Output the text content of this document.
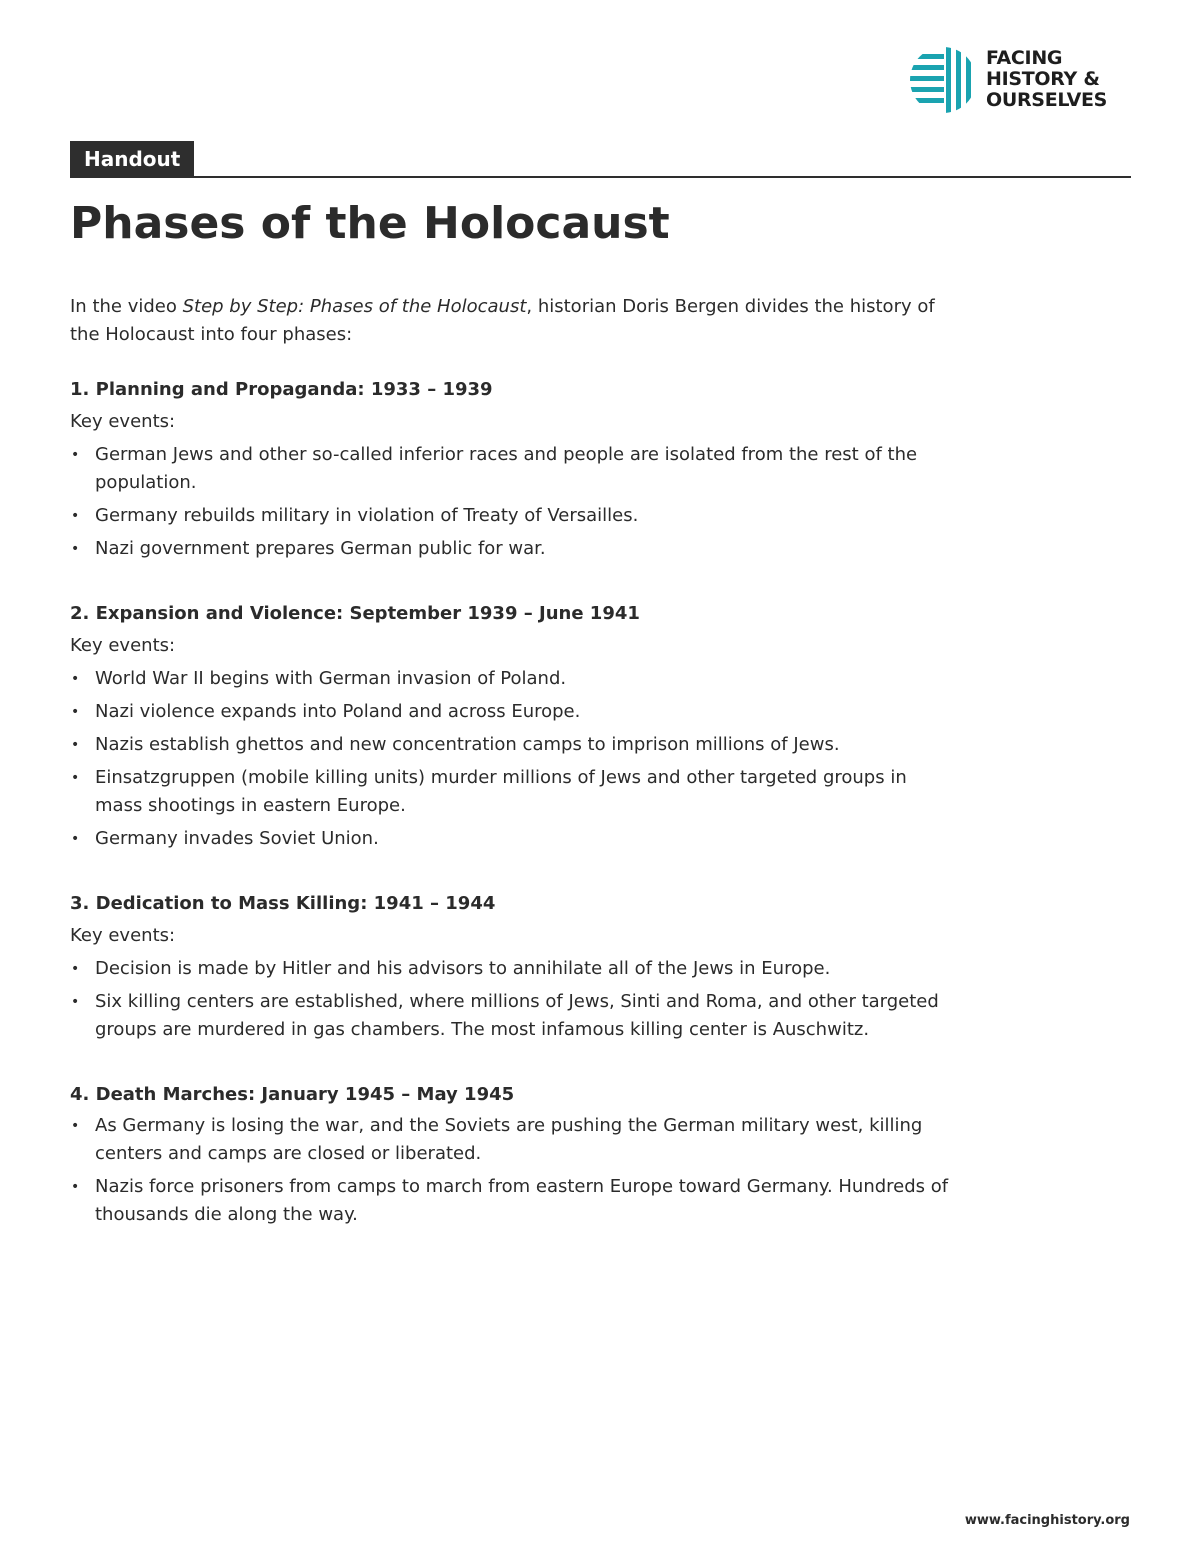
FACING
HISTORY &
OURSELVES
Handout
Phases of the Holocaust

In the video Step by Step: Phases of the Holocaust, historian Doris Bergen divides the history of the Holocaust into four phases:

1. Planning and Propaganda: 1933 – 1939
Key events:
• German Jews and other so-called inferior races and people are isolated from the rest of the population.
• Germany rebuilds military in violation of Treaty of Versailles.
• Nazi government prepares German public for war.
2. Expansion and Violence: September 1939 – June 1941
Key events:
• World War II begins with German invasion of Poland.
• Nazi violence expands into Poland and across Europe.
• Nazis establish ghettos and new concentration camps to imprison millions of Jews.
• Einsatzgruppen (mobile killing units) murder millions of Jews and other targeted groups in mass shootings in eastern Europe.
• Germany invades Soviet Union.
3. Dedication to Mass Killing: 1941 – 1944
Key events:
• Decision is made by Hitler and his advisors to annihilate all of the Jews in Europe.
• Six killing centers are established, where millions of Jews, Sinti and Roma, and other targeted groups are murdered in gas chambers. The most infamous killing center is Auschwitz.
4. Death Marches: January 1945 – May 1945
• As Germany is losing the war, and the Soviets are pushing the German military west, killing centers and camps are closed or liberated.
• Nazis force prisoners from camps to march from eastern Europe toward Germany. Hundreds of thousands die along the way.
www.facinghistory.org
